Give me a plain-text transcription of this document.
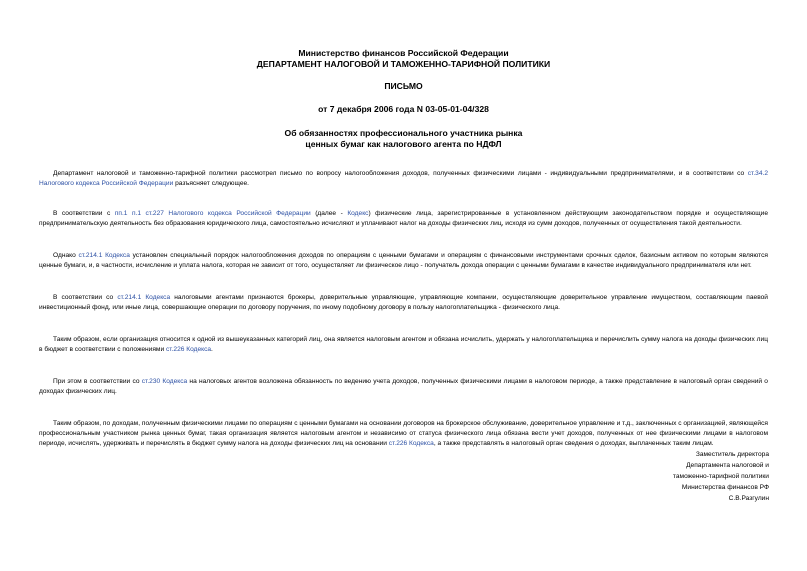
Министерство финансов Российской Федерации
ДЕПАРТАМЕНТ НАЛОГОВОЙ И ТАМОЖЕННО-ТАРИФНОЙ ПОЛИТИКИ
ПИСЬМО
от 7 декабря 2006 года N 03-05-01-04/328
Об обязанностях профессионального участника рынка
ценных бумаг как налогового агента по НДФЛ

Департамент налоговой и таможенно-тарифной политики рассмотрел письмо по вопросу налогообложения доходов, полученных физическими лицами - индивидуальными предпринимателями, и в соответствии со ст.34.2 Налогового кодекса Российской Федерации разъясняет следующее.

В соответствии с пп.1 п.1 ст.227 Налогового кодекса Российской Федерации (далее - Кодекс) физические лица, зарегистрированные в установленном действующим законодательством порядке и осуществляющие предпринимательскую деятельность без образования юридического лица, самостоятельно исчисляют и уплачивают налог на доходы физических лиц, исходя из сумм доходов, полученных от осуществления такой деятельности.

Однако ст.214.1 Кодекса установлен специальный порядок налогообложения доходов по операциям с ценными бумагами и операциям с финансовыми инструментами срочных сделок, базисным активом по которым являются ценные бумаги, и, в частности, исчисление и уплата налога, которая не зависит от того, осуществляет ли физическое лицо - получатель дохода операции с ценными бумагами в качестве индивидуального предпринимателя или нет.

В соответствии со ст.214.1 Кодекса налоговыми агентами признаются брокеры, доверительные управляющие, управляющие компании, осуществляющие доверительное управление имуществом, составляющим паевой инвестиционный фонд, или иные лица, совершающие операции по договору поручения, по иному подобному договору в пользу налогоплательщика - физического лица.

Таким образом, если организация относится к одной из вышеуказанных категорий лиц, она является налоговым агентом и обязана исчислить, удержать у налогоплательщика и перечислить сумму налога на доходы физических лиц в бюджет в соответствии с положениями ст.226 Кодекса.

При этом в соответствии со ст.230 Кодекса на налоговых агентов возложена обязанность по ведению учета доходов, полученных физическими лицами в налоговом периоде, а также представление в налоговый орган сведений о доходах физических лиц.

Таким образом, по доходам, полученным физическими лицами по операциям с ценными бумагами на основании договоров на брокерское обслуживание, доверительное управление и т.д., заключенных с организацией, являющейся профессиональным участником рынка ценных бумаг, такая организация является налоговым агентом и независимо от статуса физического лица обязана вести учет доходов, полученных от нее физическими лицами в налоговом периоде, исчислять, удерживать и перечислять в бюджет сумму налога на доходы физических лиц на основании ст.226 Кодекса, а также представлять в налоговый орган сведения о доходах, выплаченных таким лицам.

Заместитель директора
Департамента налоговой и
таможенно-тарифной политики
Министерства финансов РФ
С.В.Разгулин
